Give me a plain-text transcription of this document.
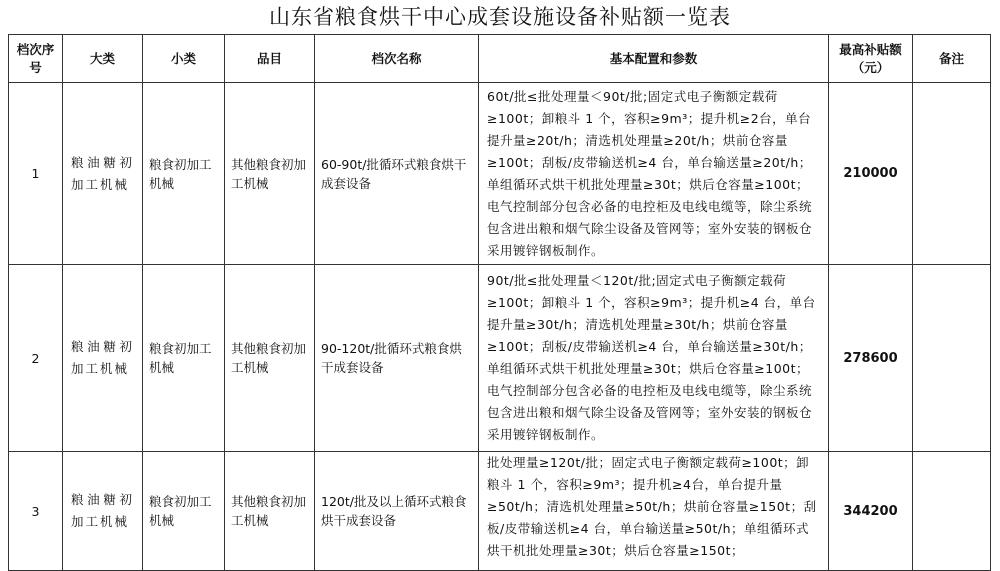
山东省粮食烘干中心成套设施设备补贴额一览表
档次序号	大类	小类	品目	档次名称	基本配置和参数	最高补贴额（元）	备注
1	粮油糖初加工机械	粮食初加工机械	其他粮食初加工机械	60-90t/批循环式粮食烘干成套设备	60t/批≤批处理量＜90t/批;固定式电子衡额定载荷≥100t；卸粮斗 1 个，容积≥9m³；提升机≥2台，单台提升量≥20t/h；清选机处理量≥20t/h；烘前仓容量≥100t；刮板/皮带输送机≥4 台，单台输送量≥20t/h；单组循环式烘干机批处理量≥30t；烘后仓容量≥100t；电气控制部分包含必备的电控柜及电线电缆等，除尘系统包含进出粮和烟气除尘设备及管网等；室外安装的钢板仓采用镀锌钢板制作。	210000	
2	粮油糖初加工机械	粮食初加工机械	其他粮食初加工机械	90-120t/批循环式粮食烘干成套设备	90t/批≤批处理量＜120t/批;固定式电子衡额定载荷≥100t；卸粮斗 1 个，容积≥9m³；提升机≥4 台，单台提升量≥30t/h；清选机处理量≥30t/h；烘前仓容量≥100t；刮板/皮带输送机≥4 台，单台输送量≥30t/h；单组循环式烘干机批处理量≥30t；烘后仓容量≥100t；电气控制部分包含必备的电控柜及电线电缆等，除尘系统包含进出粮和烟气除尘设备及管网等；室外安装的钢板仓采用镀锌钢板制作。	278600	
3	粮油糖初加工机械	粮食初加工机械	其他粮食初加工机械	120t/批及以上循环式粮食烘干成套设备	批处理量≥120t/批；固定式电子衡额定载荷≥100t；卸粮斗 1 个，容积≥9m³；提升机≥4台，单台提升量≥50t/h；清选机处理量≥50t/h；烘前仓容量≥150t；刮板/皮带输送机≥4 台，单台输送量≥50t/h；单组循环式烘干机批处理量≥30t；烘后仓容量≥150t；	344200	
